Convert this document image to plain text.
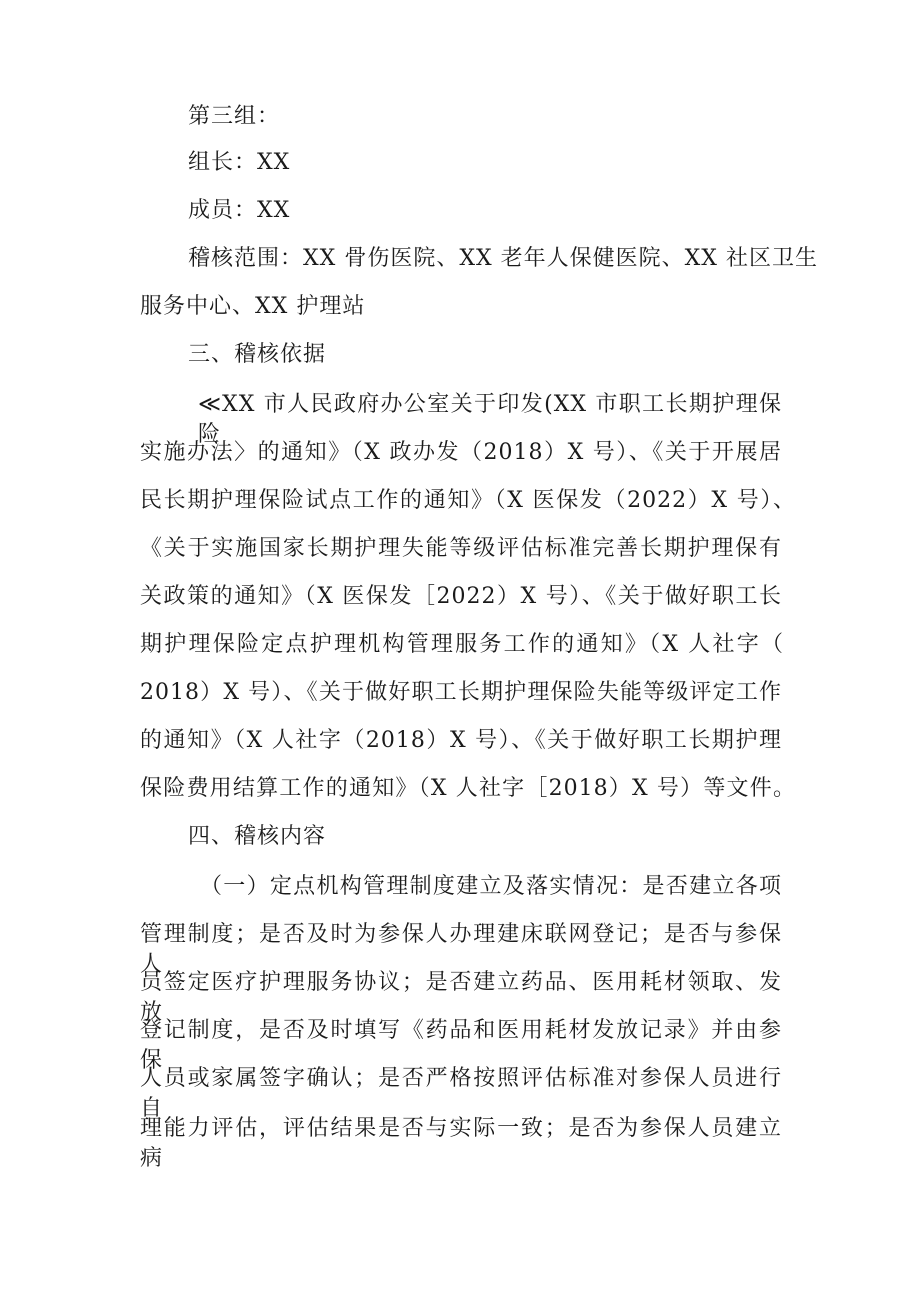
第三组：
组长：XX
成员：XX
稽核范围：XX 骨伤医院、XX 老年人保健医院、XX 社区卫生
服务中心、XX 护理站
三、稽核依据
≪XX 市人民政府办公室关于印发(XX 市职工长期护理保险
实施办法〉的通知》（X 政办发（2018）X 号）、《关于开展居
民长期护理保险试点工作的通知》（X 医保发（2022）X 号）、
《关于实施国家长期护理失能等级评估标准完善长期护理保有
关政策的通知》（X 医保发［2022）X 号）、《关于做好职工长
期护理保险定点护理机构管理服务工作的通知》（X 人社字（
2018）X 号）、《关于做好职工长期护理保险失能等级评定工作
的通知》（X 人社字（2018）X 号）、《关于做好职工长期护理
保险费用结算工作的通知》（X 人社字［2018）X 号）等文件。
四、稽核内容
（一）定点机构管理制度建立及落实情况：是否建立各项
管理制度；是否及时为参保人办理建床联网登记；是否与参保人
员签定医疗护理服务协议；是否建立药品、医用耗材领取、发放
登记制度，是否及时填写《药品和医用耗材发放记录》并由参保
人员或家属签字确认；是否严格按照评估标准对参保人员进行自
理能力评估，评估结果是否与实际一致；是否为参保人员建立病
